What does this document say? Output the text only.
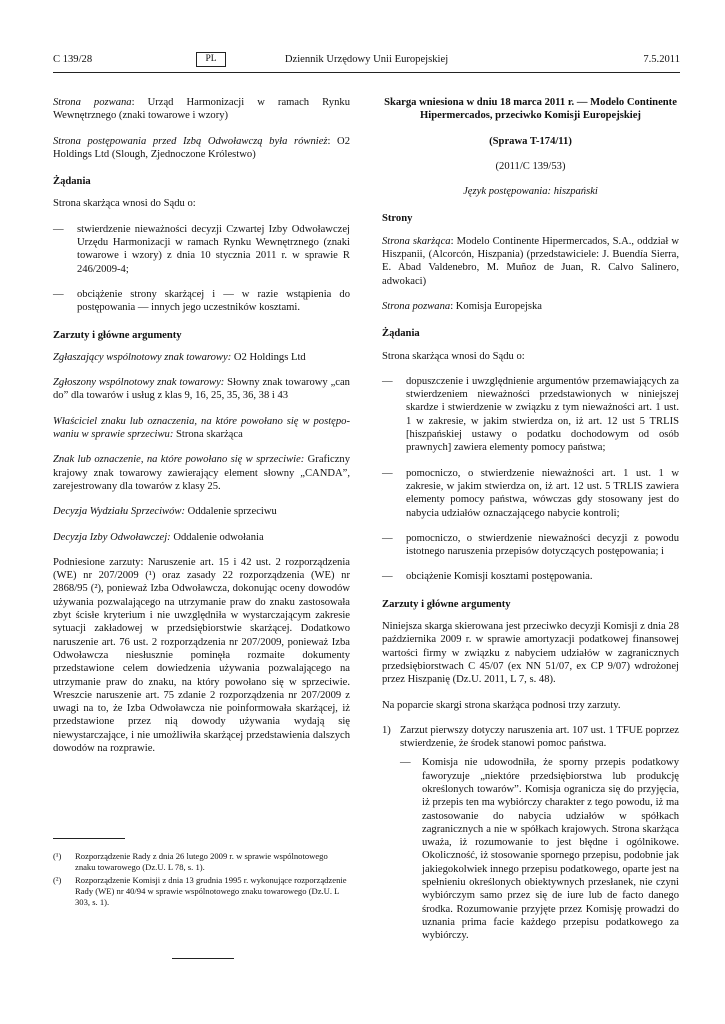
C 139/28	PL	Dziennik Urzędowy Unii Europejskiej	7.5.2011

Strona pozwana: Urząd Harmonizacji w ramach Rynku Wewnętrznego (znaki towarowe i wzory)

Strona postępowania przed Izbą Odwoławczą była również: O2 Holdings Ltd (Slough, Zjednoczone Królestwo)

Żądania

Strona skarżąca wnosi do Sądu o:

—	stwierdzenie nieważności decyzji Czwartej Izby Odwoławczej Urzędu Harmonizacji w ramach Rynku Wewnętrznego (znaki towarowe i wzory) z dnia 10 stycznia 2011 r. w sprawie R 246/2009-4;
—	obciążenie strony skarżącej i — w razie wstąpienia do postępowania — innych jego uczestników kosztami.
Zarzuty i główne argumenty

Zgłaszający wspólnotowy znak towarowy: O2 Holdings Ltd

Zgłoszony wspólnotowy znak towarowy: Słowny znak towarowy „can do” dla towarów i usług z klas 9, 16, 25, 35, 36, 38 i 43

Właściciel znaku lub oznaczenia, na które powołano się w postępowaniu w sprawie sprzeciwu: Strona skarżąca

Znak lub oznaczenie, na które powołano się w sprzeciwie: Graficzny krajowy znak towarowy zawierający element słowny „CANDA”, zarejestrowany dla towarów z klasy 25.

Decyzja Wydziału Sprzeciwów: Oddalenie sprzeciwu

Decyzja Izby Odwoławczej: Oddalenie odwołania

Podniesione zarzuty: Naruszenie art. 15 i 42 ust. 2 rozporządzenia (WE) nr 207/2009 (¹) oraz zasady 22 rozporządzenia (WE) nr 2868/95 (²), ponieważ Izba Odwoławcza, dokonując oceny dowodów używania pozwalającego na utrzymanie praw do znaku zastosowała zbyt ścisłe kryterium i nie uwzględniła w wystarczającym zakresie sytuacji zakładowej w przedsiębiorstwie skarżącej. Dodatkowo naruszenie art. 76 ust. 2 rozporządzenia nr 207/2009, ponieważ Izba Odwoławcza niesłusznie pominęła rozmaite dokumenty przedstawione celem dowiedzenia używania pozwalającego na utrzymanie praw do znaku, na który powołano się w sprzeciwie. Wreszcie naruszenie art. 75 zdanie 2 rozporządzenia nr 207/2009 z uwagi na to, że Izba Odwoławcza nie poinformowała skarżącej, iż przedstawione przez nią dowody używania wydają się niewystarczające, i nie umożliwiła skarżącej przedstawienia dalszych dowodów na rozprawie.

(¹)	Rozporządzenie Rady z dnia 26 lutego 2009 r. w sprawie wspólnotowego znaku towarowego (Dz.U. L 78, s. 1).
(²)	Rozporządzenie Komisji z dnia 13 grudnia 1995 r. wykonujące rozporządzenie Rady (WE) nr 40/94 w sprawie wspólnotowego znaku towarowego (Dz.U. L 303, s. 1).
Skarga wniesiona w dniu 18 marca 2011 r. — Modelo Continente Hipermercados, przeciwko Komisji Europejskiej

(Sprawa T-174/11)

(2011/C 139/53)

Język postępowania: hiszpański

Strony

Strona skarżąca: Modelo Continente Hipermercados, S.A., oddział w Hiszpanii, (Alcorcón, Hiszpania) (przedstawiciele: J. Buendía Sierra, E. Abad Valdenebro, M. Muñoz de Juan, R. Calvo Salinero, adwokaci)

Strona pozwana: Komisja Europejska

Żądania

Strona skarżąca wnosi do Sądu o:

—	dopuszczenie i uwzględnienie argumentów przemawiających za stwierdzeniem nieważności przedstawionych w niniejszej skardze i stwierdzenie w związku z tym nieważności art. 1 ust. 1 w zakresie, w jakim stwierdza on, iż art. 12 ust 5 TRLIS [hiszpańskiej ustawy o podatku dochodowym od osób prawnych] zawiera elementy pomocy państwa;
—	pomocniczo, o stwierdzenie nieważności art. 1 ust. 1 w zakresie, w jakim stwierdza on, iż art. 12 ust. 5 TRLIS zawiera elementy pomocy państwa, wówczas gdy stosowany jest do nabycia udziałów oznaczającego nabycie kontroli;
—	pomocniczo, o stwierdzenie nieważności decyzji z powodu istotnego naruszenia przepisów dotyczących postępowania; i
—	obciążenie Komisji kosztami postępowania.
Zarzuty i główne argumenty

Niniejsza skarga skierowana jest przeciwko decyzji Komisji z dnia 28 października 2009 r. w sprawie amortyzacji podatkowej finansowej wartości firmy w związku z nabyciem udziałów w zagranicznych przedsiębiorstwach C 45/07 (ex NN 51/07, ex CP 9/07) wdrożonej przez Hiszpanię (Dz.U. 2011, L 7, s. 48).

Na poparcie skargi strona skarżąca podnosi trzy zarzuty.

1) Zarzut pierwszy dotyczy naruszenia art. 107 ust. 1 TFUE poprzez stwierdzenie, że środek stanowi pomoc państwa.
—	Komisja nie udowodniła, że sporny przepis podatkowy faworyzuje „niektóre przedsiębiorstwa lub produkcję określonych towarów”. Komisja ogranicza się do przyjęcia, iż przepis ten ma wybiórczy charakter z tego powodu, iż ma zastosowanie do nabycia udziałów w spółkach zagranicznych a nie w spółkach krajowych. Strona skarżąca uważa, iż rozumowanie to jest błędne i ogólnikowe. Okoliczność, iż stosowanie spornego przepisu, podobnie jak jakiegokolwiek innego przepisu podatkowego, oparte jest na spełnieniu określonych obiektywnych przesłanek, nie czyni wybiórczym samo przez się de iure lub de facto danego środka. Rozumowanie przyjęte przez Komisję prowadzi do uznania prima facie każdego przepisu podatkowego za wybiórczy.
